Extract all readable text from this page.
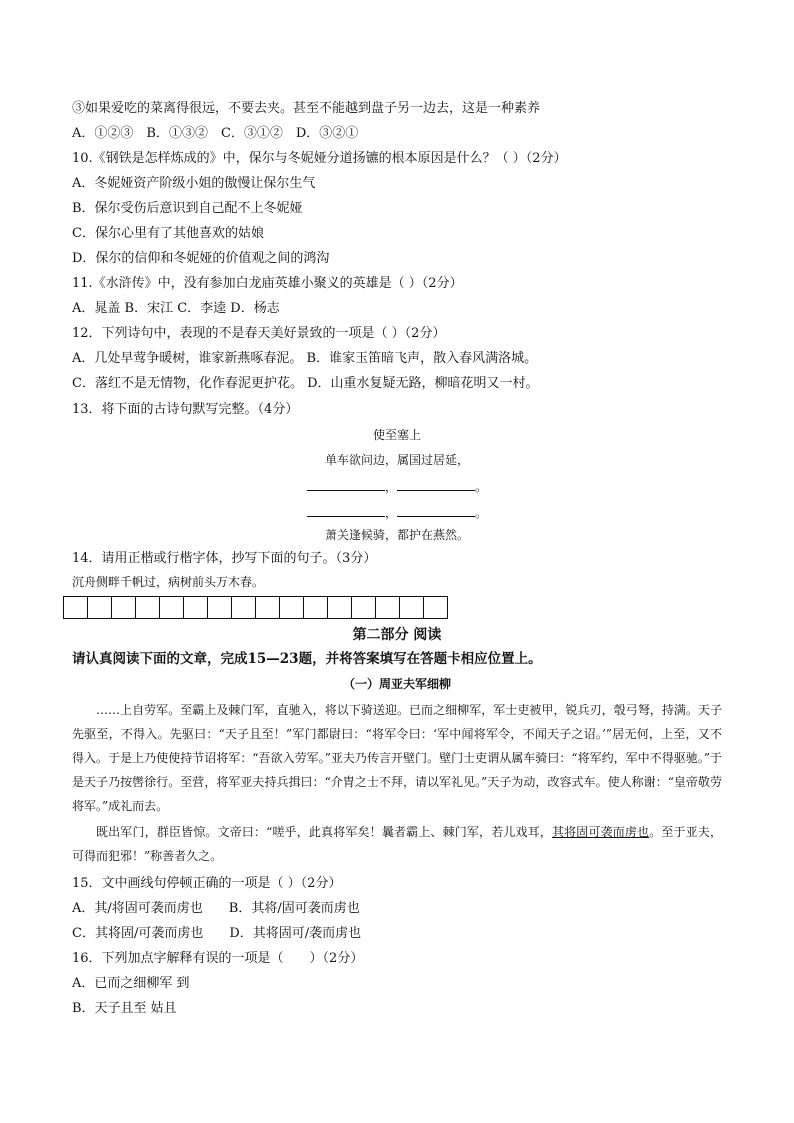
③如果爱吃的菜离得很远，不要去夹。甚至不能越到盘子另一边去，这是一种素养
A．①②③　B．①③②　C．③①②　D．③②①
10.《钢铁是怎样炼成的》中，保尔与冬妮娅分道扬镳的根本原因是什么？（ ）（2分）
A．冬妮娅资产阶级小姐的傲慢让保尔生气
B．保尔受伤后意识到自己配不上冬妮娅
C．保尔心里有了其他喜欢的姑娘
D．保尔的信仰和冬妮娅的价值观之间的鸿沟
11.《水浒传》中，没有参加白龙庙英雄小聚义的英雄是（ ）（2分）
A．晁盖 B．宋江 C．李逵 D．杨志
12．下列诗句中，表现的不是春天美好景致的一项是（ ）（2分）
A．几处早莺争暖树，谁家新燕啄春泥。 B．谁家玉笛暗飞声，散入春风满洛城。
C．落红不是无情物，化作春泥更护花。 D．山重水复疑无路，柳暗花明又一村。
13．将下面的古诗句默写完整。（4分）
使至塞上
单车欲问边，属国过居延，
，	。
，	。
萧关逢候骑，都护在燕然。
14．请用正楷或行楷字体，抄写下面的句子。（3分）
沉舟侧畔千帆过，病树前头万木春。
第二部分 阅读
请认真阅读下面的文章，完成15—23题，并将答案填写在答题卡相应位置上。
（一）周亚夫军细柳
……上自劳军。至霸上及棘门军，直驰入，将以下骑送迎。已而之细柳军，军士吏被甲，锐兵刃，彀弓弩，持满。天子先驱至，不得入。先驱曰：“天子且至！”军门都尉曰：“将军令曰：‘军中闻将军令，不闻天子之诏。’”居无何，上至，又不得入。于是上乃使使持节诏将军：“吾欲入劳军。”亚夫乃传言开壁门。壁门士吏谓从属车骑曰：“将军约，军中不得驱驰。”于是天子乃按辔徐行。至营，将军亚夫持兵揖曰：“介胄之士不拜，请以军礼见。”天子为动，改容式车。使人称谢：“皇帝敬劳将军。”成礼而去。
既出军门，群臣皆惊。文帝曰：“嗟乎，此真将军矣！曩者霸上、棘门军，若儿戏耳，其将固可袭而虏也。至于亚夫，可得而犯邪！”称善者久之。
15．文中画线句停顿正确的一项是（ ）（2分）
A．其/将固可袭而虏也　　B．其将/固可袭而虏也
C．其将固/可袭而虏也　　D．其将固可/袭而虏也
16．下列加点字解释有误的一项是（　　）（2分）
A．已而之细柳军 到
B．天子且至 姑且
